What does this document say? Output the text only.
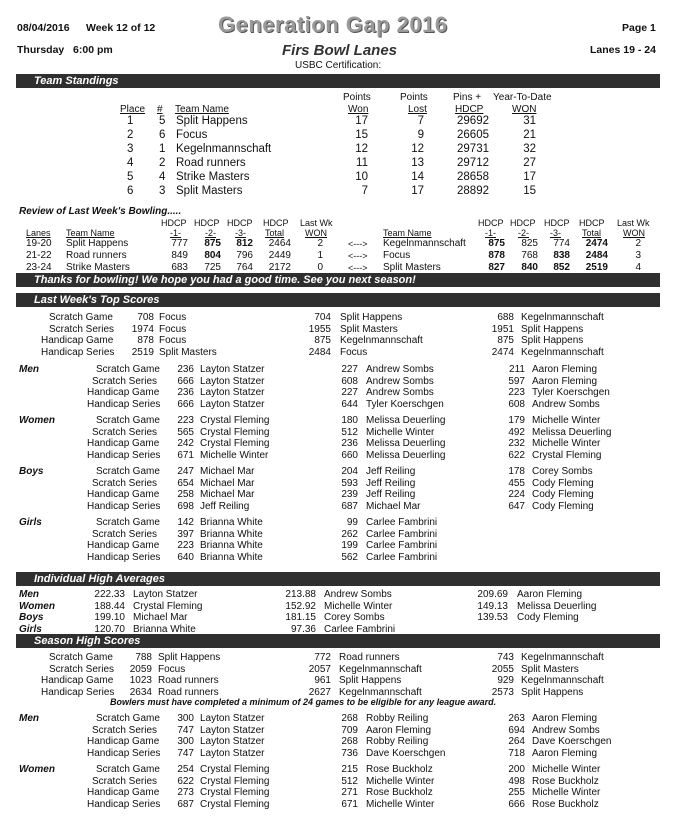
08/04/2016 Week 12 of 12	Generation Gap 2016	Page 1
Thursday   6:00 pm	Firs Bowl Lanes	Lanes 19 - 24
USBC Certification:
Team Standings
Points	Points	Pins + Year-To-Date
Place # Team Name	Won	Lost	HDCP	WON
1 5 Split Happens	17	7	29692	31
2 6 Focus	15	9	26605	21
3 1 Kegelnmannschaft	12	12	29731	32
4 2 Road runners	11	13	29712	27
5 4 Strike Masters	10	14	28658	17
6 3 Split Masters	7	17	28892	15
Review of Last Week's Bowling.....
HDCP HDCP HDCP HDCP	HDCP HDCP HDCP HDCP
Last Wk	Last Wk
Lanes Team Name	-1-	-2- -3- Total WON	Team Name	-1- -2- -3- Total WON
19-20 Split Happens	777 875 812 2464	2	<---> Kegelnmannschaft 875 825 774 2474	2
21-22 Road runners	849 804 796 2449	1	<---> Focus	878 768 838 2484	3
23-24 Strike Masters	683 725 764 2172	0	<---> Split Masters	827 840 852 2519	4
Thanks for bowling! We hope you had a good time. See you next season!
Last Week's Top Scores
Scratch Game 708 Focus	704 Split Happens	688 Kegelnmannschaft
Scratch Series 1974 Focus	1955 Split Masters	1951 Split Happens
Handicap Game 878 Focus	875 Kegelnmannschaft	875 Split Happens
Handicap Series 2519 Split Masters	2484 Focus	2474 Kegelnmannschaft
Men	Scratch Game 236 Layton Statzer	227 Andrew Sombs	211 Aaron Fleming
Scratch Series 666 Layton Statzer	608 Andrew Sombs	597 Aaron Fleming
Handicap Game 236 Layton Statzer	227 Andrew Sombs	223 Tyler Koerschgen
Handicap Series 666 Layton Statzer	644 Tyler Koerschgen	608 Andrew Sombs
Women	Scratch Game 223 Crystal Fleming	180 Melissa Deuerling	179 Michelle Winter
Scratch Series 565 Crystal Fleming	512 Michelle Winter	492 Melissa Deuerling
Handicap Game 242 Crystal Fleming	236 Melissa Deuerling	232 Michelle Winter
Handicap Series 671 Michelle Winter	660 Melissa Deuerling	622 Crystal Fleming
Boys	Scratch Game 247 Michael Mar	204 Jeff Reiling	178 Corey Sombs
Scratch Series 654 Michael Mar	593 Jeff Reiling	455 Cody Fleming
Handicap Game 258 Michael Mar	239 Jeff Reiling	224 Cody Fleming
Handicap Series 698 Jeff Reiling	687 Michael Mar	647 Cody Fleming
Girls	Scratch Game 142 Brianna White	99 Carlee Fambrini
Scratch Series 397 Brianna White	262 Carlee Fambrini
Handicap Game 223 Brianna White	199 Carlee Fambrini
Handicap Series 640 Brianna White	562 Carlee Fambrini
Individual High Averages
Men	222.33 Layton Statzer	213.88 Andrew Sombs	209.69 Aaron Fleming
Women	188.44 Crystal Fleming	152.92 Michelle Winter	149.13 Melissa Deuerling
Boys	199.10 Michael Mar	181.15 Corey Sombs	139.53 Cody Fleming
Girls	120.70 Brianna White	97.36 Carlee Fambrini
Season High Scores
Scratch Game 788 Split Happens	772 Road runners	743 Kegelnmannschaft
Scratch Series 2059 Focus	2057 Kegelnmannschaft	2055 Split Masters
Handicap Game 1023 Road runners	961 Split Happens	929 Kegelnmannschaft
Handicap Series 2634 Road runners	2627 Kegelnmannschaft	2573 Split Happens
Men	Scratch Game 300 Layton Statzer	268 Robby Reiling	263 Aaron Fleming
Scratch Series 747 Layton Statzer	709 Aaron Fleming	694 Andrew Sombs
Handicap Game 300 Layton Statzer	268 Robby Reiling	264 Dave Koerschgen
Handicap Series 747 Layton Statzer	736 Dave Koerschgen	718 Aaron Fleming
Women	Scratch Game 254 Crystal Fleming	215 Rose Buckholz	200 Michelle Winter
Scratch Series 622 Crystal Fleming	512 Michelle Winter	498 Rose Buckholz
Handicap Game 273 Crystal Fleming	271 Rose Buckholz	255 Michelle Winter
Handicap Series 687 Crystal Fleming	671 Michelle Winter	666 Rose Buckholz
Bowlers must have completed a minimum of 24 games to be eligible for any league award.
